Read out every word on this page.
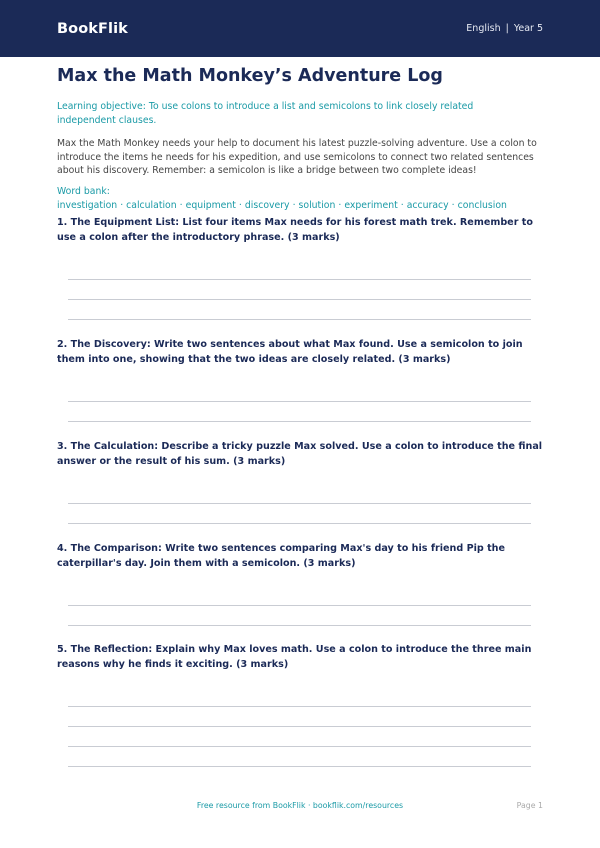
BookFlik	English | Year 5
Max the Math Monkey’s Adventure Log
Learning objective: To use colons to introduce a list and semicolons to link closely related independent clauses.
Max the Math Monkey needs your help to document his latest puzzle-solving adventure. Use a colon to introduce the items he needs for his expedition, and use semicolons to connect two related sentences about his discovery. Remember: a semicolon is like a bridge between two complete ideas!
Word bank: investigation · calculation · equipment · discovery · solution · experiment · accuracy · conclusion
1. The Equipment List: List four items Max needs for his forest math trek. Remember to use a colon after the introductory phrase. (3 marks)
2. The Discovery: Write two sentences about what Max found. Use a semicolon to join them into one, showing that the two ideas are closely related. (3 marks)
3. The Calculation: Describe a tricky puzzle Max solved. Use a colon to introduce the final answer or the result of his sum. (3 marks)
4. The Comparison: Write two sentences comparing Max's day to his friend Pip the caterpillar's day. Join them with a semicolon. (3 marks)
5. The Reflection: Explain why Max loves math. Use a colon to introduce the three main reasons why he finds it exciting. (3 marks)
Free resource from BookFlik · bookflik.com/resources	Page 1
